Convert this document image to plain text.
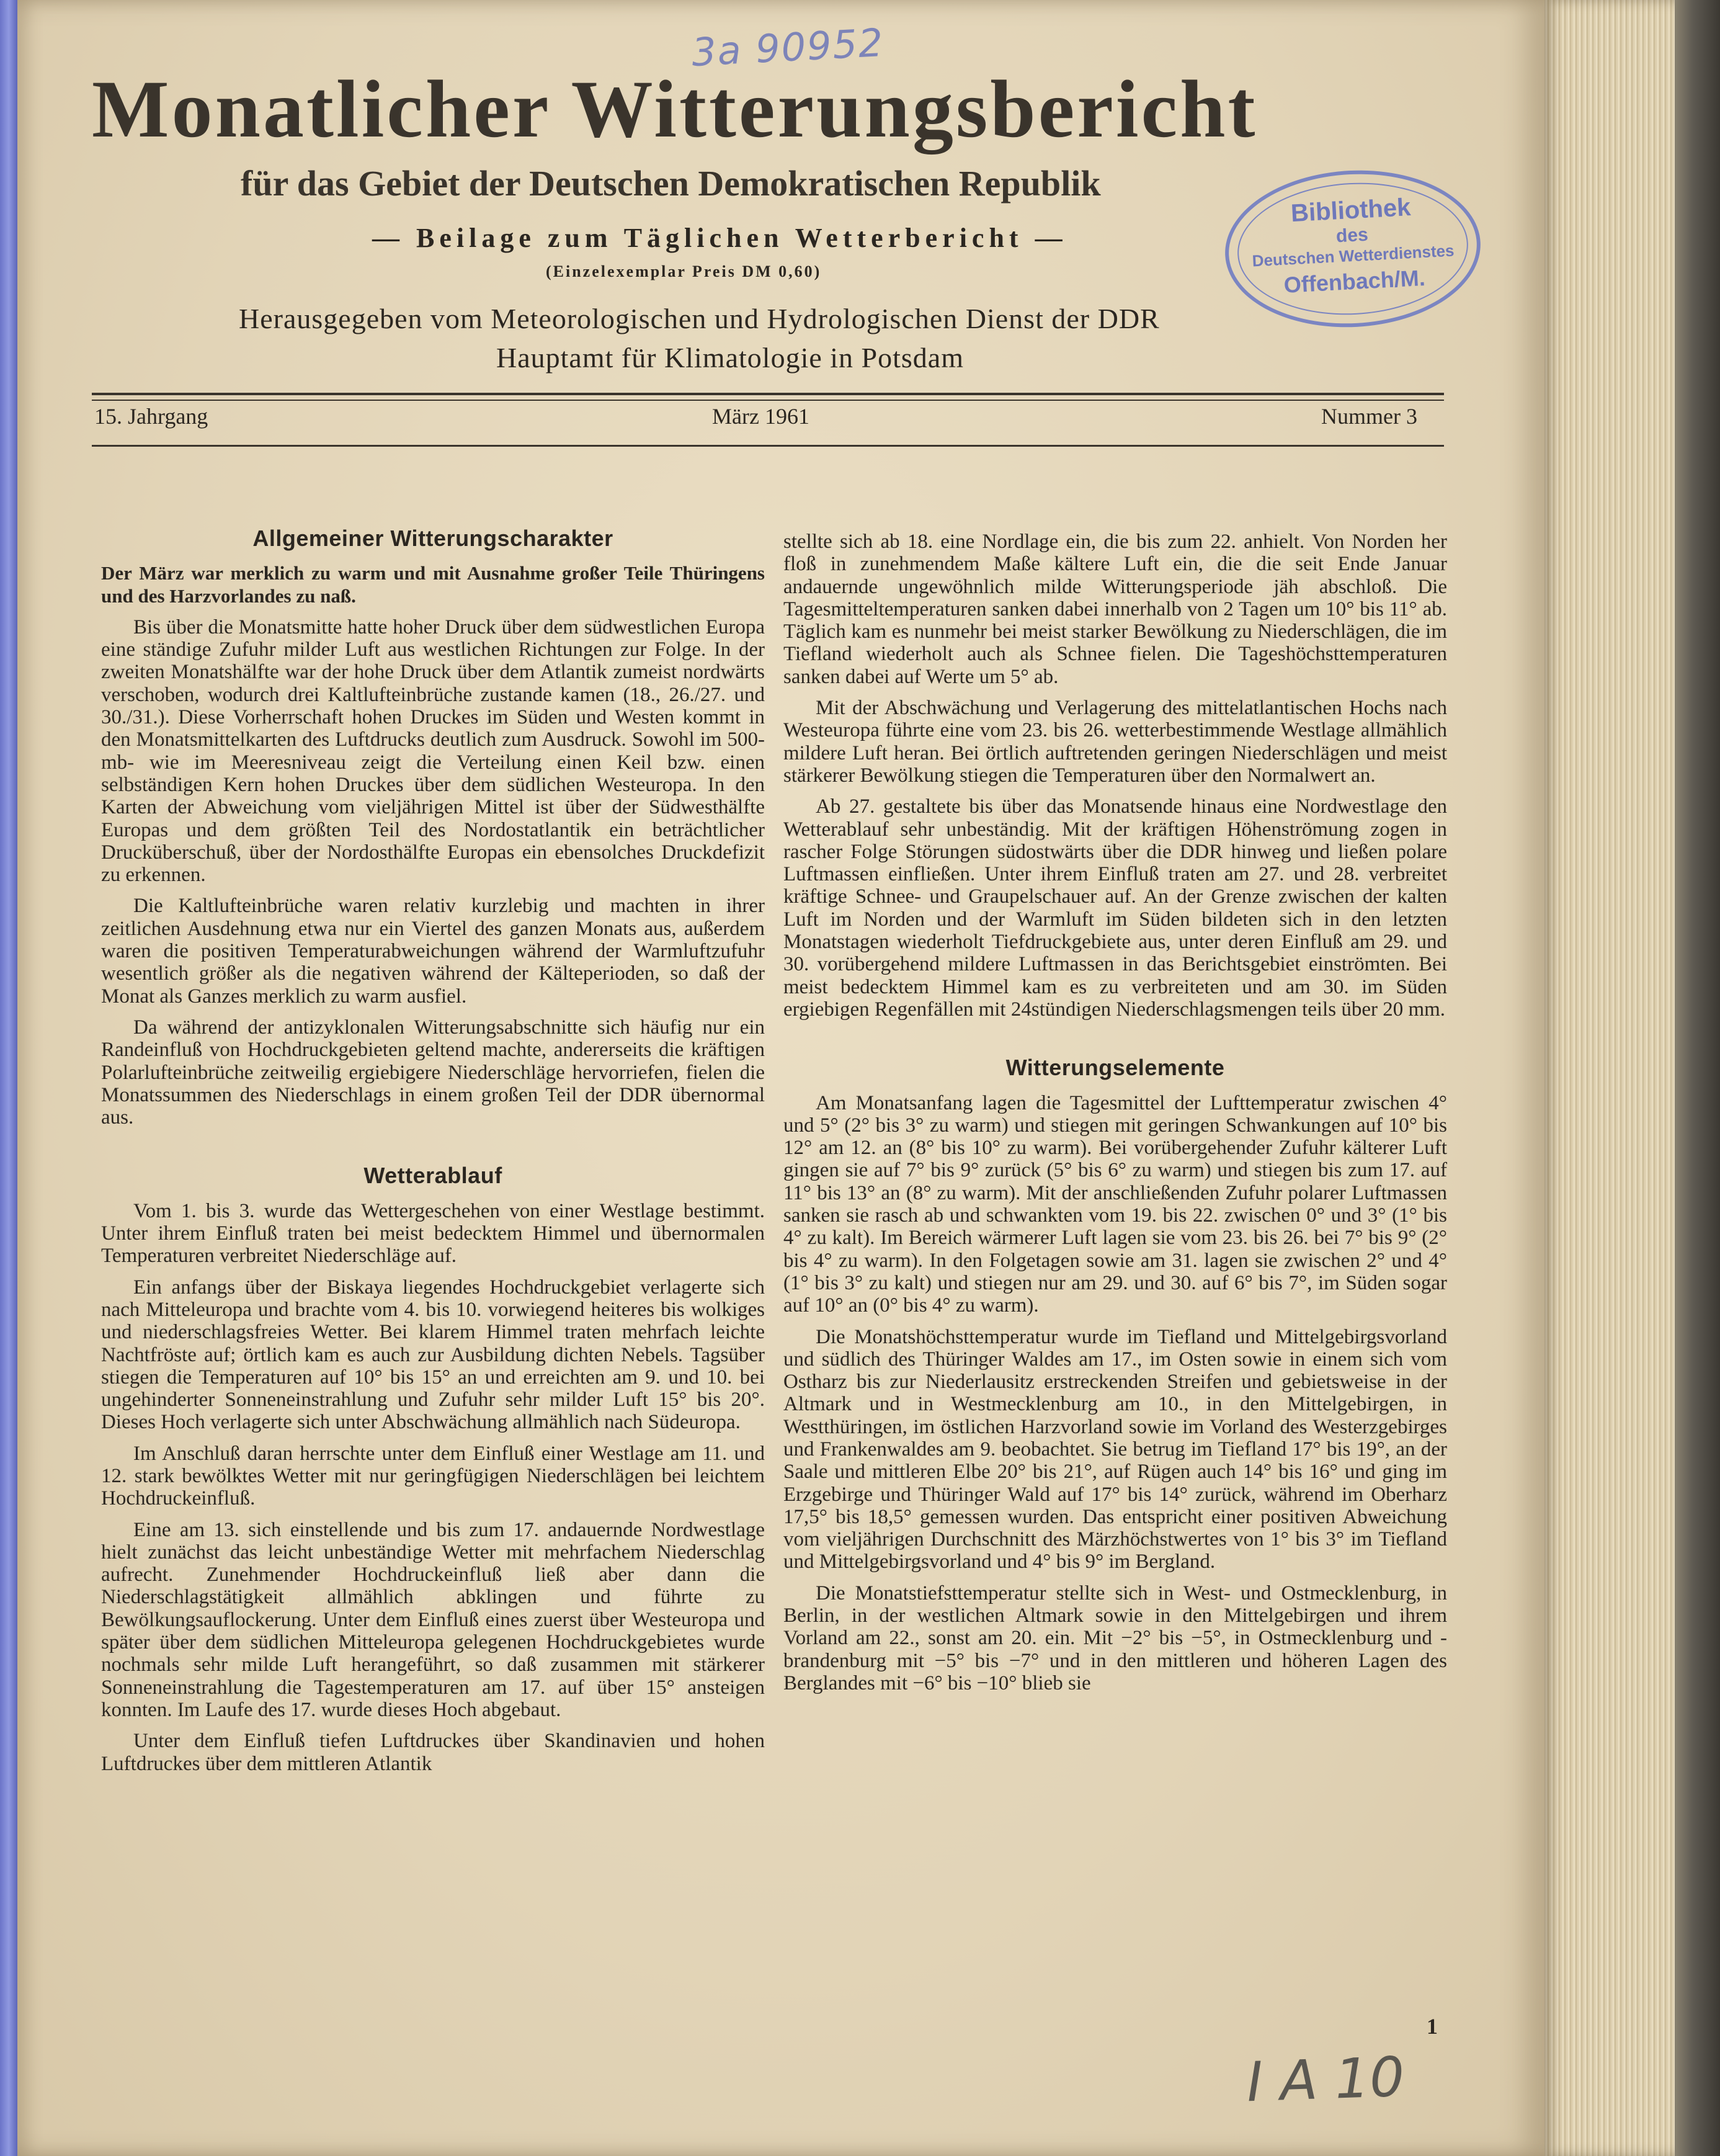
3a 90952
Monatlicher Witterungsbericht
für das Gebiet der Deutschen Demokratischen Republik
— Beilage zum Täglichen Wetterbericht —
(Einzelexemplar Preis DM 0,60)
Herausgegeben vom Meteorologischen und Hydrologischen Dienst der DDR
Hauptamt für Klimatologie in Potsdam
Bibliothek
des
Deutschen Wetterdienstes
Offenbach/M.
15. Jahrgang	März 1961	Nummer 3
Allgemeiner Witterungscharakter

Der März war merklich zu warm und mit Ausnahme großer Teile Thüringens und des Harzvorlandes zu naß.

Bis über die Monatsmitte hatte hoher Druck über dem südwestlichen Europa eine ständige Zufuhr milder Luft aus westlichen Richtungen zur Folge. In der zweiten Monatshälfte war der hohe Druck über dem Atlantik zumeist nordwärts verschoben, wodurch drei Kaltlufteinbrüche zustande kamen (18., 26./27. und 30./31.). Diese Vorherrschaft hohen Druckes im Süden und Westen kommt in den Monatsmittelkarten des Luftdrucks deutlich zum Ausdruck. Sowohl im 500-mb- wie im Meeresniveau zeigt die Verteilung einen Keil bzw. einen selbständigen Kern hohen Druckes über dem südlichen Westeuropa. In den Karten der Abweichung vom vieljährigen Mittel ist über der Südwesthälfte Europas und dem größten Teil des Nordostatlantik ein beträchtlicher Drucküberschuß, über der Nordosthälfte Europas ein ebensolches Druckdefizit zu erkennen.

Die Kaltlufteinbrüche waren relativ kurzlebig und machten in ihrer zeitlichen Ausdehnung etwa nur ein Viertel des ganzen Monats aus, außerdem waren die positiven Temperaturabweichungen während der Warmluftzufuhr wesentlich größer als die negativen während der Kälteperioden, so daß der Monat als Ganzes merklich zu warm ausfiel.

Da während der antizyklonalen Witterungsabschnitte sich häufig nur ein Randeinfluß von Hochdruckgebieten geltend machte, andererseits die kräftigen Polarlufteinbrüche zeitweilig ergiebigere Niederschläge hervorriefen, fielen die Monatssummen des Niederschlags in einem großen Teil der DDR übernormal aus.

Wetterablauf

Vom 1. bis 3. wurde das Wettergeschehen von einer Westlage bestimmt. Unter ihrem Einfluß traten bei meist bedecktem Himmel und übernormalen Temperaturen verbreitet Niederschläge auf.

Ein anfangs über der Biskaya liegendes Hochdruckgebiet verlagerte sich nach Mitteleuropa und brachte vom 4. bis 10. vorwiegend heiteres bis wolkiges und niederschlagsfreies Wetter. Bei klarem Himmel traten mehrfach leichte Nachtfröste auf; örtlich kam es auch zur Ausbildung dichten Nebels. Tagsüber stiegen die Temperaturen auf 10° bis 15° an und erreichten am 9. und 10. bei ungehinderter Sonneneinstrahlung und Zufuhr sehr milder Luft 15° bis 20°. Dieses Hoch verlagerte sich unter Abschwächung allmählich nach Südeuropa.

Im Anschluß daran herrschte unter dem Einfluß einer Westlage am 11. und 12. stark bewölktes Wetter mit nur geringfügigen Niederschlägen bei leichtem Hochdruckeinfluß.

Eine am 13. sich einstellende und bis zum 17. andauernde Nordwestlage hielt zunächst das leicht unbeständige Wetter mit mehrfachem Niederschlag aufrecht. Zunehmender Hochdruckeinfluß ließ aber dann die Niederschlagstätigkeit allmählich abklingen und führte zu Bewölkungsauflockerung. Unter dem Einfluß eines zuerst über Westeuropa und später über dem südlichen Mitteleuropa gelegenen Hochdruckgebietes wurde nochmals sehr milde Luft herangeführt, so daß zusammen mit stärkerer Sonneneinstrahlung die Tagestemperaturen am 17. auf über 15° ansteigen konnten. Im Laufe des 17. wurde dieses Hoch abgebaut.

Unter dem Einfluß tiefen Luftdruckes über Skandinavien und hohen Luftdruckes über dem mittleren Atlantik

stellte sich ab 18. eine Nordlage ein, die bis zum 22. anhielt. Von Norden her floß in zunehmendem Maße kältere Luft ein, die die seit Ende Januar andauernde ungewöhnlich milde Witterungsperiode jäh abschloß. Die Tagesmitteltemperaturen sanken dabei innerhalb von 2 Tagen um 10° bis 11° ab. Täglich kam es nunmehr bei meist starker Bewölkung zu Niederschlägen, die im Tiefland wiederholt auch als Schnee fielen. Die Tageshöchsttemperaturen sanken dabei auf Werte um 5° ab.

Mit der Abschwächung und Verlagerung des mittelatlantischen Hochs nach Westeuropa führte eine vom 23. bis 26. wetterbestimmende Westlage allmählich mildere Luft heran. Bei örtlich auftretenden geringen Niederschlägen und meist stärkerer Bewölkung stiegen die Temperaturen über den Normalwert an.

Ab 27. gestaltete bis über das Monatsende hinaus eine Nordwestlage den Wetterablauf sehr unbeständig. Mit der kräftigen Höhenströmung zogen in rascher Folge Störungen südostwärts über die DDR hinweg und ließen polare Luftmassen einfließen. Unter ihrem Einfluß traten am 27. und 28. verbreitet kräftige Schnee- und Graupelschauer auf. An der Grenze zwischen der kalten Luft im Norden und der Warmluft im Süden bildeten sich in den letzten Monatstagen wiederholt Tiefdruckgebiete aus, unter deren Einfluß am 29. und 30. vorübergehend mildere Luftmassen in das Berichtsgebiet einströmten. Bei meist bedecktem Himmel kam es zu verbreiteten und am 30. im Süden ergiebigen Regenfällen mit 24stündigen Niederschlagsmengen teils über 20 mm.

Witterungselemente

Am Monatsanfang lagen die Tagesmittel der Lufttemperatur zwischen 4° und 5° (2° bis 3° zu warm) und stiegen mit geringen Schwankungen auf 10° bis 12° am 12. an (8° bis 10° zu warm). Bei vorübergehender Zufuhr kälterer Luft gingen sie auf 7° bis 9° zurück (5° bis 6° zu warm) und stiegen bis zum 17. auf 11° bis 13° an (8° zu warm). Mit der anschließenden Zufuhr polarer Luftmassen sanken sie rasch ab und schwankten vom 19. bis 22. zwischen 0° und 3° (1° bis 4° zu kalt). Im Bereich wärmerer Luft lagen sie vom 23. bis 26. bei 7° bis 9° (2° bis 4° zu warm). In den Folgetagen sowie am 31. lagen sie zwischen 2° und 4° (1° bis 3° zu kalt) und stiegen nur am 29. und 30. auf 6° bis 7°, im Süden sogar auf 10° an (0° bis 4° zu warm).

Die Monatshöchsttemperatur wurde im Tiefland und Mittelgebirgsvorland und südlich des Thüringer Waldes am 17., im Osten sowie in einem sich vom Ostharz bis zur Niederlausitz erstreckenden Streifen und gebietsweise in der Altmark und in Westmecklenburg am 10., in den Mittelgebirgen, in Westthüringen, im östlichen Harzvorland sowie im Vorland des Westerzgebirges und Frankenwaldes am 9. beobachtet. Sie betrug im Tiefland 17° bis 19°, an der Saale und mittleren Elbe 20° bis 21°, auf Rügen auch 14° bis 16° und ging im Erzgebirge und Thüringer Wald auf 17° bis 14° zurück, während im Oberharz 17,5° bis 18,5° gemessen wurden. Das entspricht einer positiven Abweichung vom vieljährigen Durchschnitt des Märzhöchstwertes von 1° bis 3° im Tiefland und Mittelgebirgsvorland und 4° bis 9° im Bergland.

Die Monatstiefsttemperatur stellte sich in West- und Ostmecklenburg, in Berlin, in der westlichen Altmark sowie in den Mittelgebirgen und ihrem Vorland am 22., sonst am 20. ein. Mit −2° bis −5°, in Ostmecklenburg und -brandenburg mit −5° bis −7° und in den mittleren und höheren Lagen des Berglandes mit −6° bis −10° blieb sie

1
I A 10
